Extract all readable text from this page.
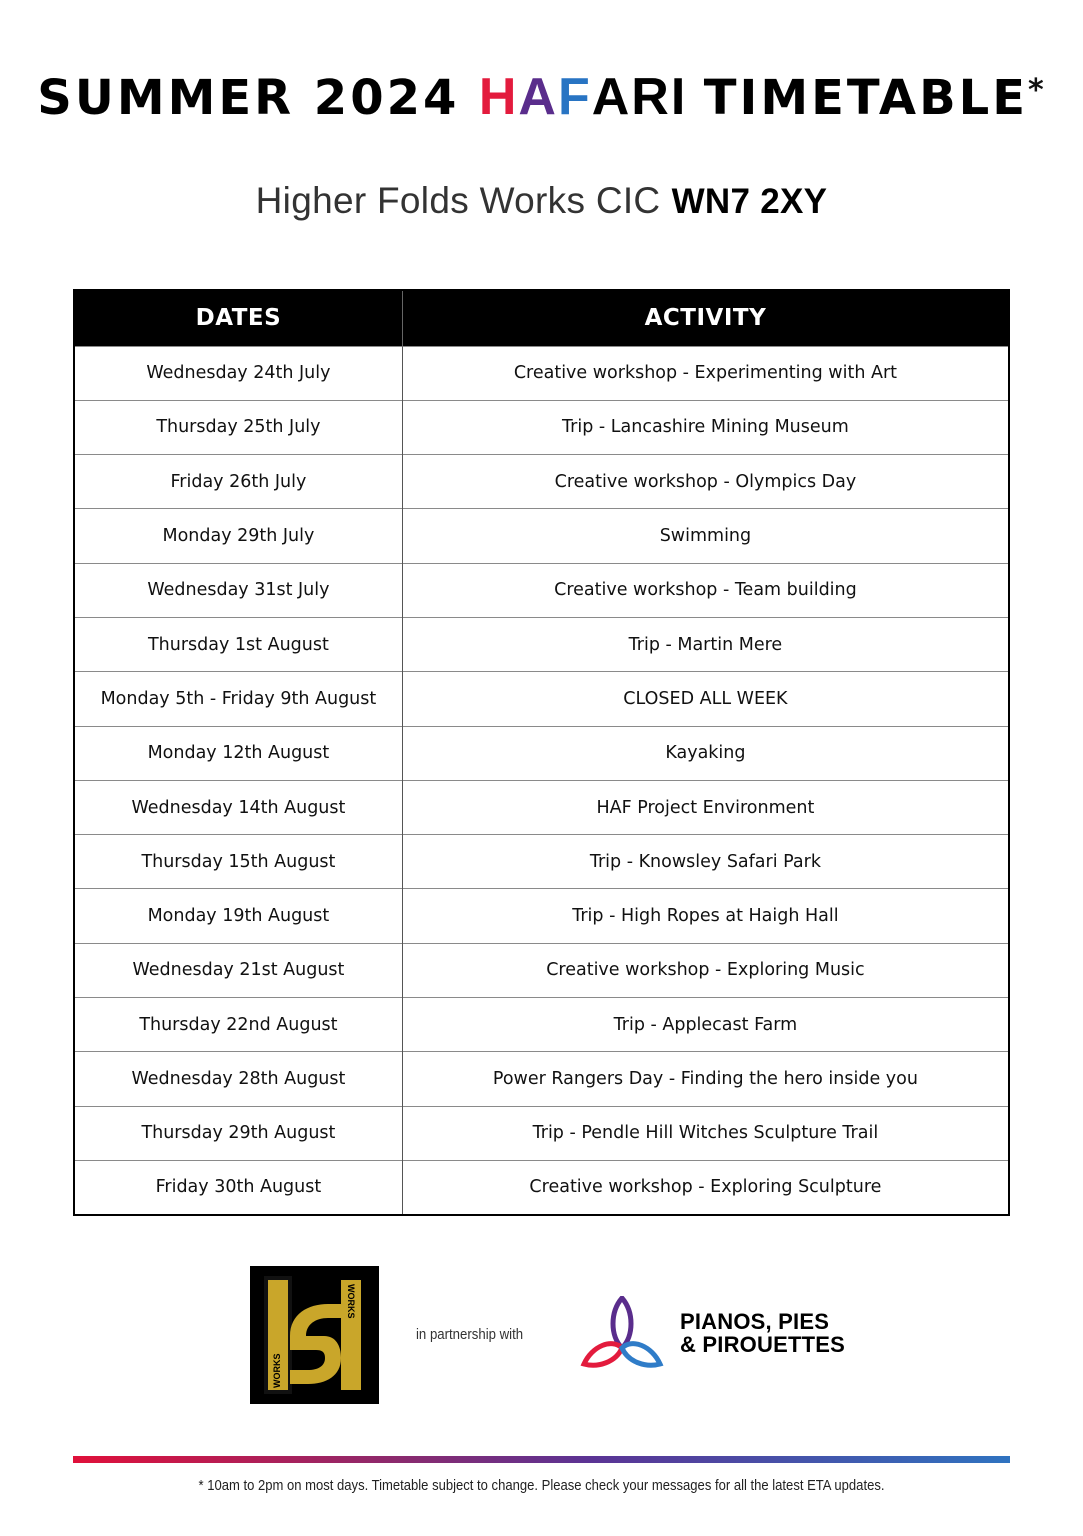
SUMMER 2024 HAFARI TIMETABLE*
Higher Folds Works CIC WN7 2XY
DATES	ACTIVITY
Wednesday 24th July	Creative workshop - Experimenting with Art
Thursday 25th July	Trip - Lancashire Mining Museum
Friday 26th July	Creative workshop - Olympics Day
Monday 29th July	Swimming
Wednesday 31st July	Creative workshop - Team building
Thursday 1st August	Trip - Martin Mere
Monday 5th - Friday 9th August	CLOSED ALL WEEK
Monday 12th August	Kayaking
Wednesday 14th August	HAF Project Environment
Thursday 15th August	Trip - Knowsley Safari Park
Monday 19th August	Trip - High Ropes at Haigh Hall
Wednesday 21st August	Creative workshop - Exploring Music
Thursday 22nd August	Trip - Applecast Farm
Wednesday 28th August	Power Rangers Day - Finding the hero inside you
Thursday 29th August	Trip - Pendle Hill Witches Sculpture Trail
Friday 30th August	Creative workshop - Exploring Sculpture
WORKS
WORKS
in partnership with
PIANOS, PIES
& PIROUETTES
* 10am to 2pm on most days. Timetable subject to change. Please check your messages for all the latest ETA updates.
